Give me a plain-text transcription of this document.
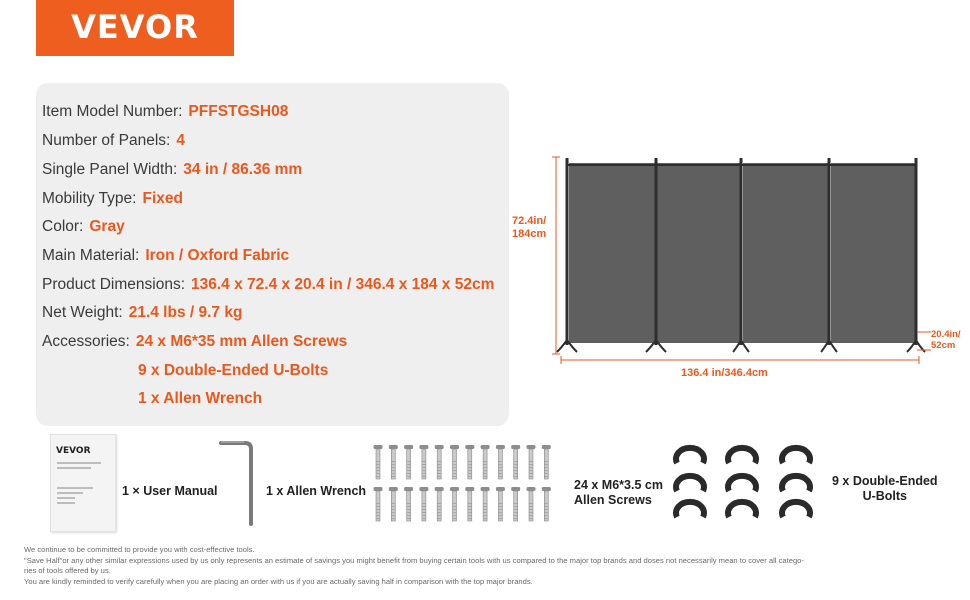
VEVOR
Item Model Number: PFFSTGSH08
Number of Panels: 4
Single Panel Width: 34 in / 86.36 mm
Mobility Type: Fixed
Color: Gray
Main Material: Iron / Oxford Fabric
Product Dimensions: 136.4 x 72.4 x 20.4 in / 346.4 x 184 x 52cm
Net Weight: 21.4 lbs / 9.7 kg
Accessories: 24 x M6*35 mm Allen Screws
9 x Double-Ended U-Bolts
1 x Allen Wrench
72.4in/
184cm
136.4 in/346.4cm
20.4in/
52cm
VEVOR
1 × User Manual	1 x Allen Wrench	24 x M6*3.5 cm
Allen Screws
9 x Double-Ended
U-Bolts
We continue to be committed to provide you with cost-effective tools.
"Save Half"or any other similar expressions used by us only represents an estimate of savings you might benefit from buying certain tools with us compared to the major top brands and doses not necessarily mean to cover all catego-
ries of tools offered by us.
You are kindly reminded to verify carefully when you are placing an order with us if you are actually saving half in comparison with the top major brands.
